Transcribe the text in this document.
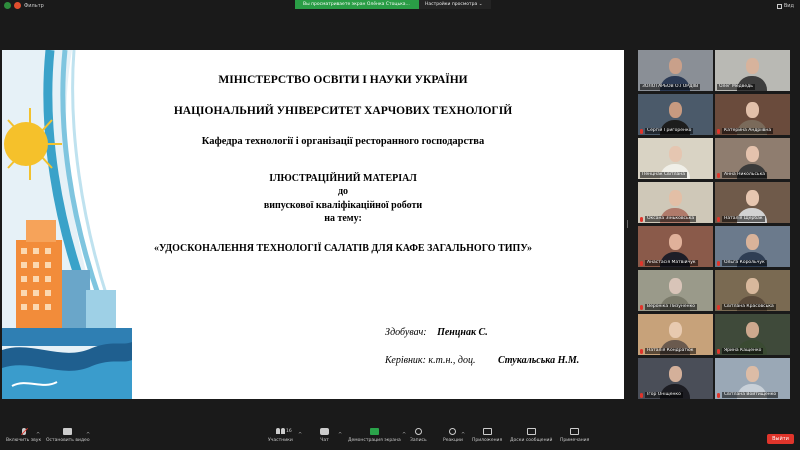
Фильтр	Вы просматриваете экран Олёнка Стоцька...	Настройки просмотра ⌄	Вид
МІНІСТЕРСТВО ОСВІТИ І НАУКИ УКРАЇНИ
НАЦІОНАЛЬНИЙ УНІВЕРСИТЕТ ХАРЧОВИХ ТЕХНОЛОГІЙ
Кафедра технології і організації ресторанного господарства
ІЛЮСТРАЦІЙНИЙ МАТЕРІАЛ
до
випускової кваліфікаційної роботи
на тему:
«УДОСКОНАЛЕННЯ ТЕХНОЛОГІЇ САЛАТІВ ДЛЯ КАФЕ ЗАГАЛЬНОГО ТИПУ»
Здобувач: Пенцнак С.
Керівник: к.т.н., доц. Стукальська Н.М.
ЗОЛОТАРЬОВ О.ГОРДІЇВ	Олег Медведь
Сергій Григоренко	Катерина Андріївна
Пенцнак Світлана	Анна Никольська
Оксана Зіньковська	Наталія Щербак
Анастасія Матвійчук	Ольга Корольчук
Вероніка Лизуненко	Світлана Красовська
Наталія Кондратюк	Ярина Кащенко
Ігор Оніщенко	Світлана Войтищенко
Включить звук
^
Остановить видео
^
Участники
16
^
Чат
^
Демонстрация экрана
^
Запись	Реакции
^
Приложения Доски сообщений Примечания	Выйти
